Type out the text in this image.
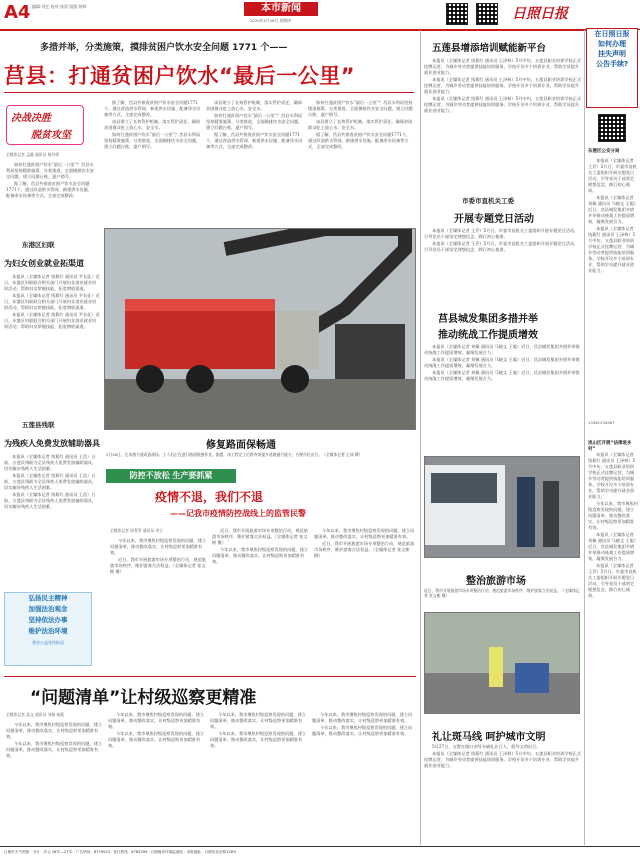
A4 编辑:刘艺 校对:张雷 组版:徐厚	本市新闻
2020年5月28日 星期四	日照日报
多措并举，分类施策，摸排贫困户饮水安全问题 1771 个——
莒县：打通贫困户饮水“最后一公里”
决战决胜
脱贫攻坚
全媒体记者 孟璇 通讯员 杨丹勇

如何打通贫困户饮水“最后一公里”？莒县水利局坚持精准施策、分类推进，全面摸排饮水安全问题，建立问题台账，逐户销号。

据了解，莒县共排查贫困户饮水安全问题1771个，通过改造供水管网、新建供水设施、配备净水设备等方式，全部完成整改。

据了解，莒县共排查贫困户饮水安全问题1771个，通过改造供水管网、新建供水设施、配备净水设备等方式，全部完成整改。

该县建立了长效管护机制，落实管护责任，确保贫困群众吃上放心水、安全水。

如何打通贫困户饮水“最后一公里”？莒县水利局坚持精准施策、分类推进，全面摸排饮水安全问题，建立问题台账，逐户销号。

该县建立了长效管护机制，落实管护责任，确保贫困群众吃上放心水、安全水。

如何打通贫困户饮水“最后一公里”？莒县水利局坚持精准施策、分类推进，全面摸排饮水安全问题，建立问题台账，逐户销号。

据了解，莒县共排查贫困户饮水安全问题1771个，通过改造供水管网、新建供水设施、配备净水设备等方式，全部完成整改。

如何打通贫困户饮水“最后一公里”？莒县水利局坚持精准施策、分类推进，全面摸排饮水安全问题，建立问题台账，逐户销号。

该县建立了长效管护机制，落实管护责任，确保贫困群众吃上放心水、安全水。

据了解，莒县共排查贫困户饮水安全问题1771个，通过改造供水管网、新建供水设施、配备净水设备等方式，全部完成整改。

东港区妇联
为妇女创业就业拓渠道

本报讯（全媒体记者 钱莉红 通讯员 尹长征）近日，东港区妇联联合相关部门开展妇女创业就业培训活动，帮助妇女掌握技能、拓宽增收渠道。

本报讯（全媒体记者 钱莉红 通讯员 尹长征）近日，东港区妇联联合相关部门开展妇女创业就业培训活动，帮助妇女掌握技能、拓宽增收渠道。

本报讯（全媒体记者 钱莉红 通讯员 尹长征）近日，东港区妇联联合相关部门开展妇女创业就业培训活动，帮助妇女掌握技能、拓宽增收渠道。

五莲县残联
为残疾人免费发放辅助器具

本报讯（全媒体记者 钱莉红 通讯员 王浩）日前，五莲县残联为全县残疾人免费发放辅助器具，切实解决残疾人生活困难。

本报讯（全媒体记者 钱莉红 通讯员 王浩）日前，五莲县残联为全县残疾人免费发放辅助器具，切实解决残疾人生活困难。

本报讯（全媒体记者 钱莉红 通讯员 王浩）日前，五莲县残联为全县残疾人免费发放辅助器具，切实解决残疾人生活困难。

弘扬民主精神
加强法治观念
坚持依法办事
维护法治环境
普法公益宣传标语
修复路面保畅通
5月26日，在凤凰大道改造现场，工人们正在进行路面铣刨作业。据悉，该工程完工后将有效提升道路通行能力，方便市民出行。（全媒体记者 王沛 摄）
防控不放松 生产要抓紧
疫情不退，我们不退
——记我市疫情防控战线上的监管民警
全媒体记者 原菁菁 通讯员 李立

今年以来，我市聚焦村级巡察发现的问题，建立问题清单，推动整改落实，让村级巡察更加精准有效。

近日，我市开展旅游市场专项整治行动，规范旅游市场秩序，维护游客合法权益。（全媒体记者 张文彬 摄）

近日，我市开展旅游市场专项整治行动，规范旅游市场秩序，维护游客合法权益。（全媒体记者 张文彬 摄）

今年以来，我市聚焦村级巡察发现的问题，建立问题清单，推动整改落实，让村级巡察更加精准有效。

今年以来，我市聚焦村级巡察发现的问题，建立问题清单，推动整改落实，让村级巡察更加精准有效。

近日，我市开展旅游市场专项整治行动，规范旅游市场秩序，维护游客合法权益。（全媒体记者 张文彬 摄）

“问题清单”让村级巡察更精准
全媒体记者 高文 通讯员 刘娟 杨燕

今年以来，我市聚焦村级巡察发现的问题，建立问题清单，推动整改落实，让村级巡察更加精准有效。

今年以来，我市聚焦村级巡察发现的问题，建立问题清单，推动整改落实，让村级巡察更加精准有效。

今年以来，我市聚焦村级巡察发现的问题，建立问题清单，推动整改落实，让村级巡察更加精准有效。

今年以来，我市聚焦村级巡察发现的问题，建立问题清单，推动整改落实，让村级巡察更加精准有效。

今年以来，我市聚焦村级巡察发现的问题，建立问题清单，推动整改落实，让村级巡察更加精准有效。

今年以来，我市聚焦村级巡察发现的问题，建立问题清单，推动整改落实，让村级巡察更加精准有效。

今年以来，我市聚焦村级巡察发现的问题，建立问题清单，推动整改落实，让村级巡察更加精准有效。

今年以来，我市聚焦村级巡察发现的问题，建立问题清单，推动整改落实，让村级巡察更加精准有效。

五莲县增添培训赋能新平台

本报讯（全媒体记者 钱莉红 通讯员 王泽林）5月中旬，五莲县职业培训学校正式挂牌运营，为城乡劳动者提供技能培训服务。学校开设多个培训专业，帮助学员提升就业创业能力。

本报讯（全媒体记者 钱莉红 通讯员 王泽林）5月中旬，五莲县职业培训学校正式挂牌运营，为城乡劳动者提供技能培训服务。学校开设多个培训专业，帮助学员提升就业创业能力。

本报讯（全媒体记者 钱莉红 通讯员 王泽林）5月中旬，五莲县职业培训学校正式挂牌运营，为城乡劳动者提供技能培训服务。学校开设多个培训专业，帮助学员提升就业创业能力。

市委市直机关工委
开展专题党日活动

本报讯（全媒体记者 王乔）5月日，市委市直机关工委组织开展专题党日活动，引导党员干部坚定理想信念、践行初心使命。

本报讯（全媒体记者 王乔）5月日，市委市直机关工委组织开展专题党日活动，引导党员干部坚定理想信念、践行初心使命。

莒县城发集团多措并举
推动统战工作提质增效

本报讯（全媒体记者 刘佩 通讯员 马晓文 王聪）近日，莒县城发集团多措并举推动统战工作提质增效，凝聚发展合力。

本报讯（全媒体记者 刘佩 通讯员 马晓文 王聪）近日，莒县城发集团多措并举推动统战工作提质增效，凝聚发展合力。

本报讯（全媒体记者 刘佩 通讯员 马晓文 王聪）近日，莒县城发集团多措并举推动统战工作提质增效，凝聚发展合力。

整治旅游市场
近日，我市开展旅游市场专项整治行动，规范旅游市场秩序，维护游客合法权益。（全媒体记者 张文彬 摄）
礼让斑马线 呵护城市文明

5月27日，交警在路口劝导车辆礼让行人，倡导文明出行。

本报讯（全媒体记者 钱莉红 通讯员 王泽林）5月中旬，五莲县职业培训学校正式挂牌运营，为城乡劳动者提供技能培训服务。学校开设多个培训专业，帮助学员提升就业创业能力。

在日照日报
如何办理
挂失声明
公告手续?
东港区公安分局

本报讯（全媒体记者 王乔）5月日，市委市直机关工委组织开展专题党日活动，引导党员干部坚定理想信念、践行初心使命。

本报讯（全媒体记者 刘佩 通讯员 马晓文 王聪）近日，莒县城发集团多措并举推动统战工作提质增效，凝聚发展合力。

本报讯（全媒体记者 钱莉红 通讯员 王泽林）5月中旬，五莲县职业培训学校正式挂牌运营，为城乡劳动者提供技能培训服务。学校开设多个培训专业，帮助学员提升就业创业能力。

13361234567
岚山区开展“法律进乡村”

本报讯（全媒体记者 钱莉红 通讯员 王泽林）5月中旬，五莲县职业培训学校正式挂牌运营，为城乡劳动者提供技能培训服务。学校开设多个培训专业，帮助学员提升就业创业能力。

今年以来，我市聚焦村级巡察发现的问题，建立问题清单，推动整改落实，让村级巡察更加精准有效。

本报讯（全媒体记者 刘佩 通讯员 马晓文 王聪）近日，莒县城发集团多措并举推动统战工作提质增效，凝聚发展合力。

本报讯（全媒体记者 王乔）5月日，市委市直机关工委组织开展专题党日活动，引导党员干部坚定理想信念、践行初心使命。

日照市天气预报 · 今日：多云 18℃—27℃ · 广告热线：8779523 · 发行热线：8763299 · 日照海洋环境监测站 · 本报地址：日照市北京路128号
